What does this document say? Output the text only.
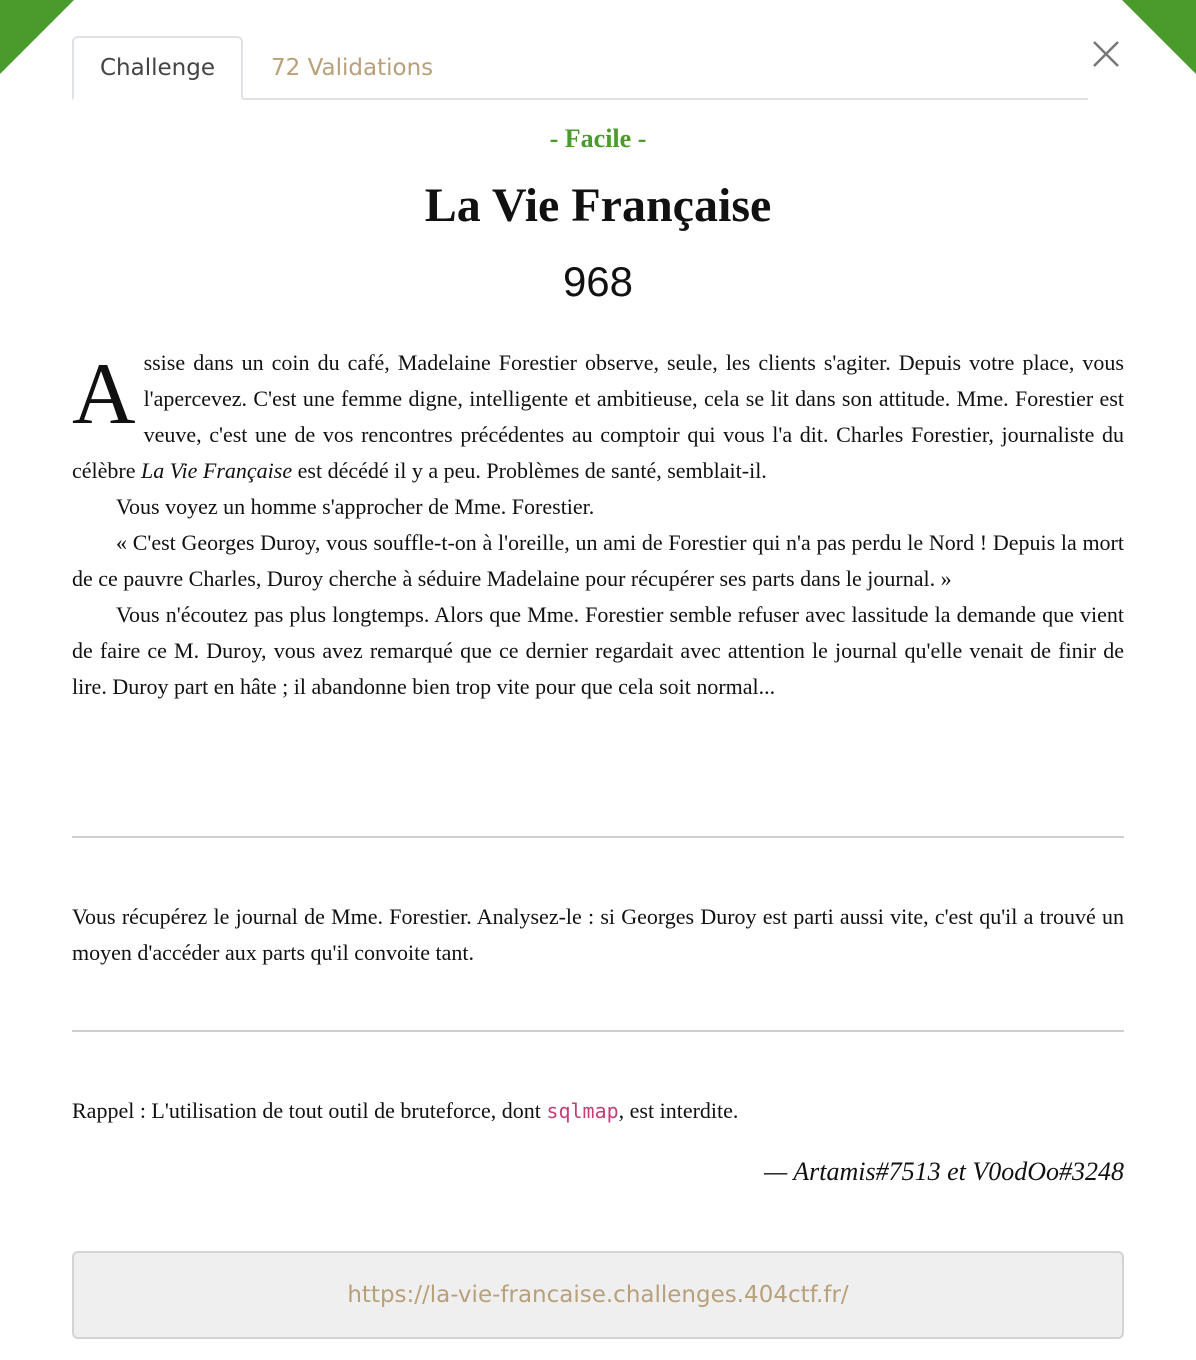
Challenge	72 Validations
- Facile -
La Vie Française
968

Assise dans un coin du café, Madelaine Forestier observe, seule, les clients s'agiter. Depuis votre place, vous l'apercevez. C'est une femme digne, intelligente et ambitieuse, cela se lit dans son attitude. Mme. Forestier est veuve, c'est une de vos rencontres précédentes au comptoir qui vous l'a dit. Charles Forestier, journaliste du célèbre La Vie Française est décédé il y a peu. Problèmes de santé, semblait-il.

Vous voyez un homme s'approcher de Mme. Forestier.

« C'est Georges Duroy, vous souffle-t-on à l'oreille, un ami de Forestier qui n'a pas perdu le Nord ! Depuis la mort de ce pauvre Charles, Duroy cherche à séduire Madelaine pour récupérer ses parts dans le journal. »

Vous n'écoutez pas plus longtemps. Alors que Mme. Forestier semble refuser avec lassitude la demande que vient de faire ce M. Duroy, vous avez remarqué que ce dernier regardait avec attention le journal qu'elle venait de finir de lire. Duroy part en hâte ; il abandonne bien trop vite pour que cela soit normal...

Vous récupérez le journal de Mme. Forestier. Analysez-le : si Georges Duroy est parti aussi vite, c'est qu'il a trouvé un moyen d'accéder aux parts qu'il convoite tant.
Rappel : L'utilisation de tout outil de bruteforce, dont sqlmap, est interdite.
— Artamis#7513 et V0odOo#3248
https://la-vie-francaise.challenges.404ctf.fr/
